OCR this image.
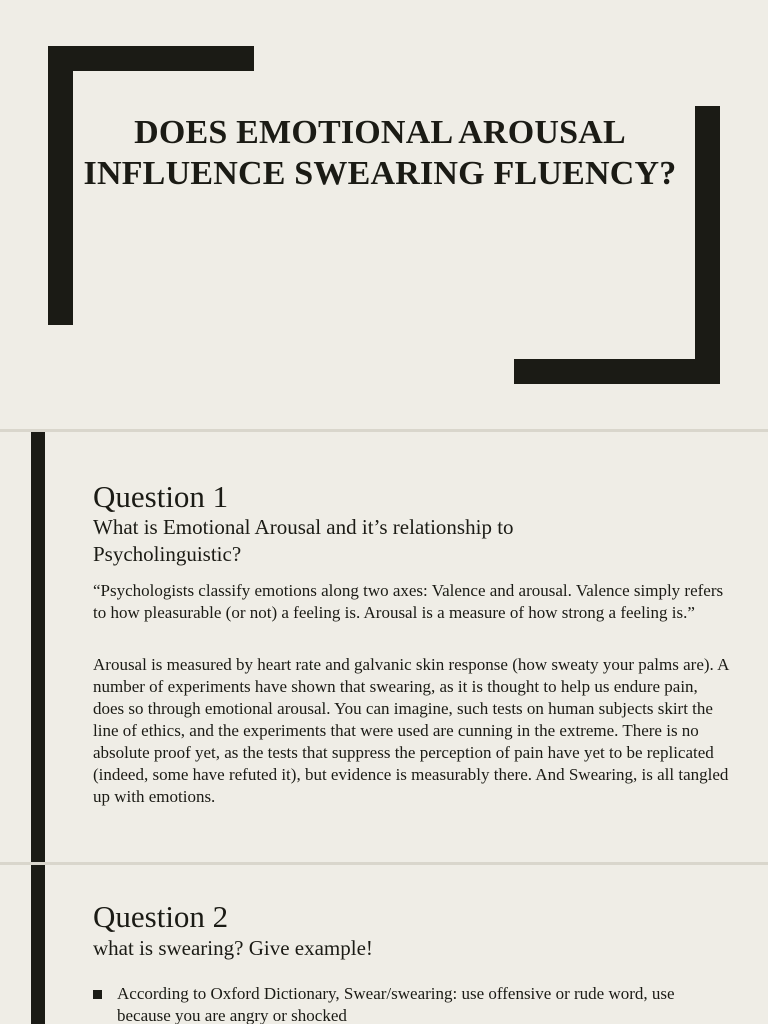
DOES EMOTIONAL AROUSAL INFLUENCE SWEARING FLUENCY?
Question 1

What is Emotional Arousal and it’s relationship to Psycholinguistic?

“Psychologists classify emotions along two axes: Valence and arousal. Valence simply refers to how pleasurable (or not) a feeling is. Arousal is a measure of how strong a feeling is.”

Arousal is measured by heart rate and galvanic skin response (how sweaty your palms are). A number of experiments have shown that swearing, as it is thought to help us endure pain, does so through emotional arousal. You can imagine, such tests on human subjects skirt the line of ethics, and the experiments that were used are cunning in the extreme. There is no absolute proof yet, as the tests that suppress the perception of pain have yet to be replicated (indeed, some have refuted it), but evidence is measurably there. And Swearing, is all tangled up with emotions.

Question 2

what is swearing? Give example!

According to Oxford Dictionary, Swear/swearing: use offensive or rude word, use because you are angry or shocked
